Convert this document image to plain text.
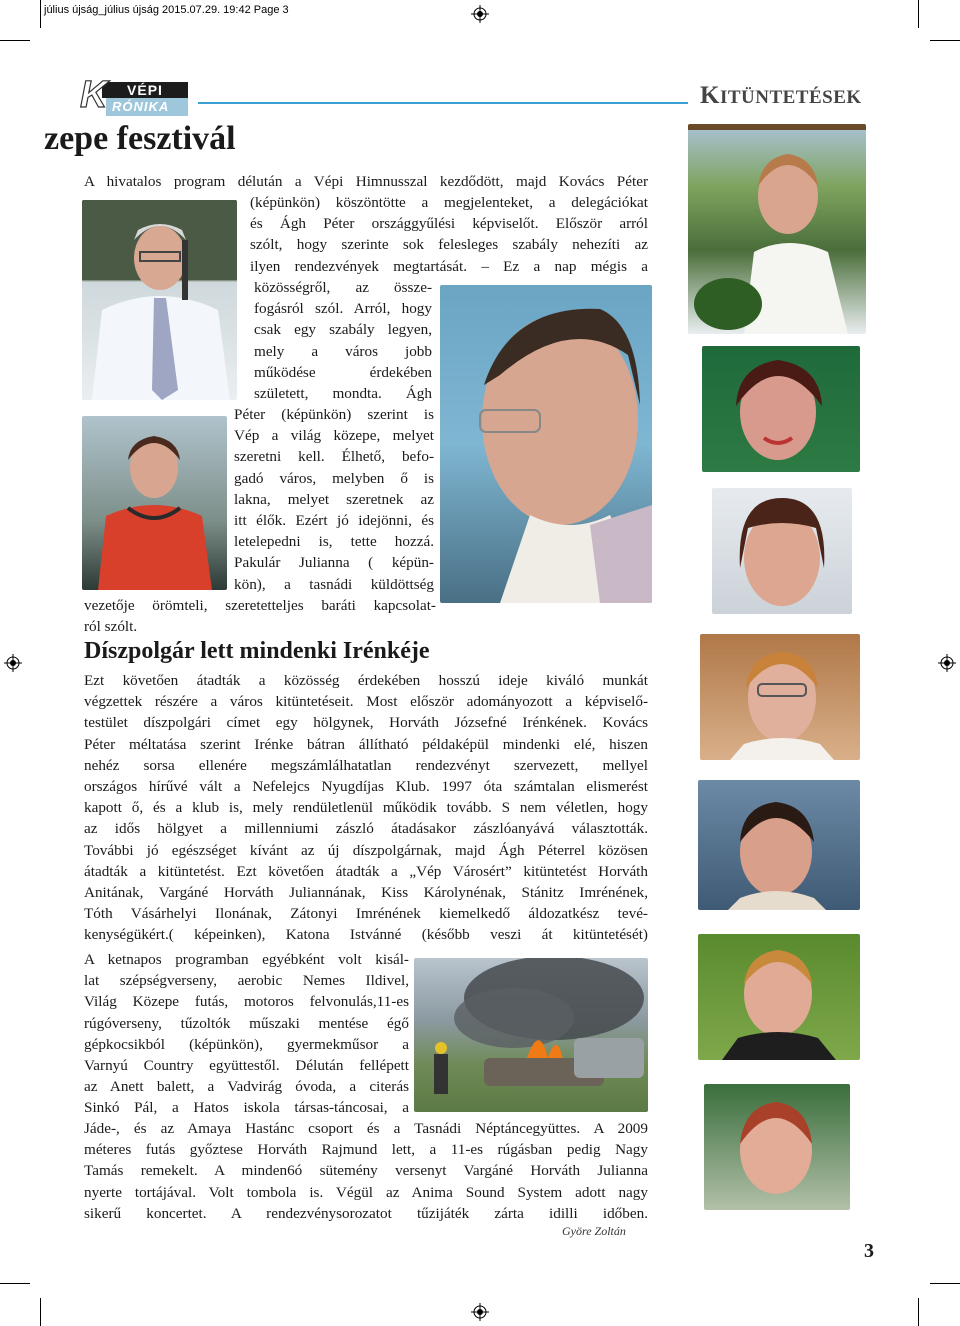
július újság_július újság 2015.07.29. 19:42 Page 3
VÉPI
RÓNIKA
K	KITÜNTETÉSEK
zepe fesztivál
A hivatalos program délután a Vépi Himnusszal kezdődött, majd Kovács Péter
(képünkön) köszöntötte a megjelenteket, a delegációkat
és Ágh Péter országgyűlési képviselőt. Először arról
szólt, hogy szerinte sok felesleges szabály nehezíti az
ilyen rendezvények megtartását. – Ez a nap mégis a
közösségről, az össze-
fogásról szól. Arról, hogy
csak egy szabály legyen,
mely a város jobb
működése érdekében
született, mondta. Ágh
Péter (képünkön) szerint is
Vép a világ közepe, melyet
szeretni kell. Élhető, befo-
gadó város, melyben ő is
lakna, melyet szeretnek az
itt élők. Ezért jó idejönni, és
letelepedni is, tette hozzá.
Pakulár Julianna ( képün-
kön), a tasnádi küldöttség
vezetője örömteli, szeretetteljes baráti kapcsolat-
ról szólt.
Díszpolgár lett mindenki Irénkéje
Ezt követően átadták a közösség érdekében hosszú ideje kiváló munkát
végzettek részére a város kitüntetéseit. Most először adományozott a képviselő-
testület díszpolgári címet egy hölgynek, Horváth Józsefné Irénkének. Kovács
Péter méltatása szerint Irénke bátran állítható példaképül mindenki elé, hiszen
nehéz sorsa ellenére megszámlálhatatlan rendezvényt szervezett, mellyel
országos hírűvé vált a Nefelejcs Nyugdíjas Klub. 1997 óta számtalan elismerést
kapott ő, és a klub is, mely rendületlenül működik tovább. S nem véletlen, hogy
az idős hölgyet a millenniumi zászló átadásakor zászlóanyává választották.
További jó egészséget kívánt az új díszpolgárnak, majd Ágh Péterrel közösen
átadták a kitüntetést. Ezt követően átadták a „Vép Városért” kitüntetést Horváth
Anitának, Vargáné Horváth Juliannának, Kiss Károlynénak, Stánitz Imrénének,
Tóth Vásárhelyi Ilonának, Zátonyi Imrénének kiemelkedő áldozatkész tevé-
kenységükért.( képeinken), Katona Istvánné (később veszi át kitüntetését)
A ketnapos programban egyébként volt kisál-
lat szépségverseny, aerobic Nemes Ildivel,
Világ Közepe futás, motoros felvonulás,11-es
rúgóverseny, tűzoltók műszaki mentése égő
gépkocsikból (képünkön), gyermekműsor a
Varnyú Country együttestől. Délután fellépett
az Anett balett, a Vadvirág óvoda, a citerás
Sinkó Pál, a Hatos iskola társas-táncosai, a
Jáde-, és az Amaya Hastánc csoport és a Tasnádi Néptáncegyüttes. A 2009
méteres futás győztese Horváth Rajmund lett, a 11-es rúgásban pedig Nagy
Tamás remekelt. A minden6ó sütemény versenyt Vargáné Horváth Julianna
nyerte tortájával. Volt tombola is. Végül az Anima Sound System adott nagy
sikerű koncertet. A rendezvénysorozatot tűzijáték zárta idilli időben.
Györe Zoltán
3
